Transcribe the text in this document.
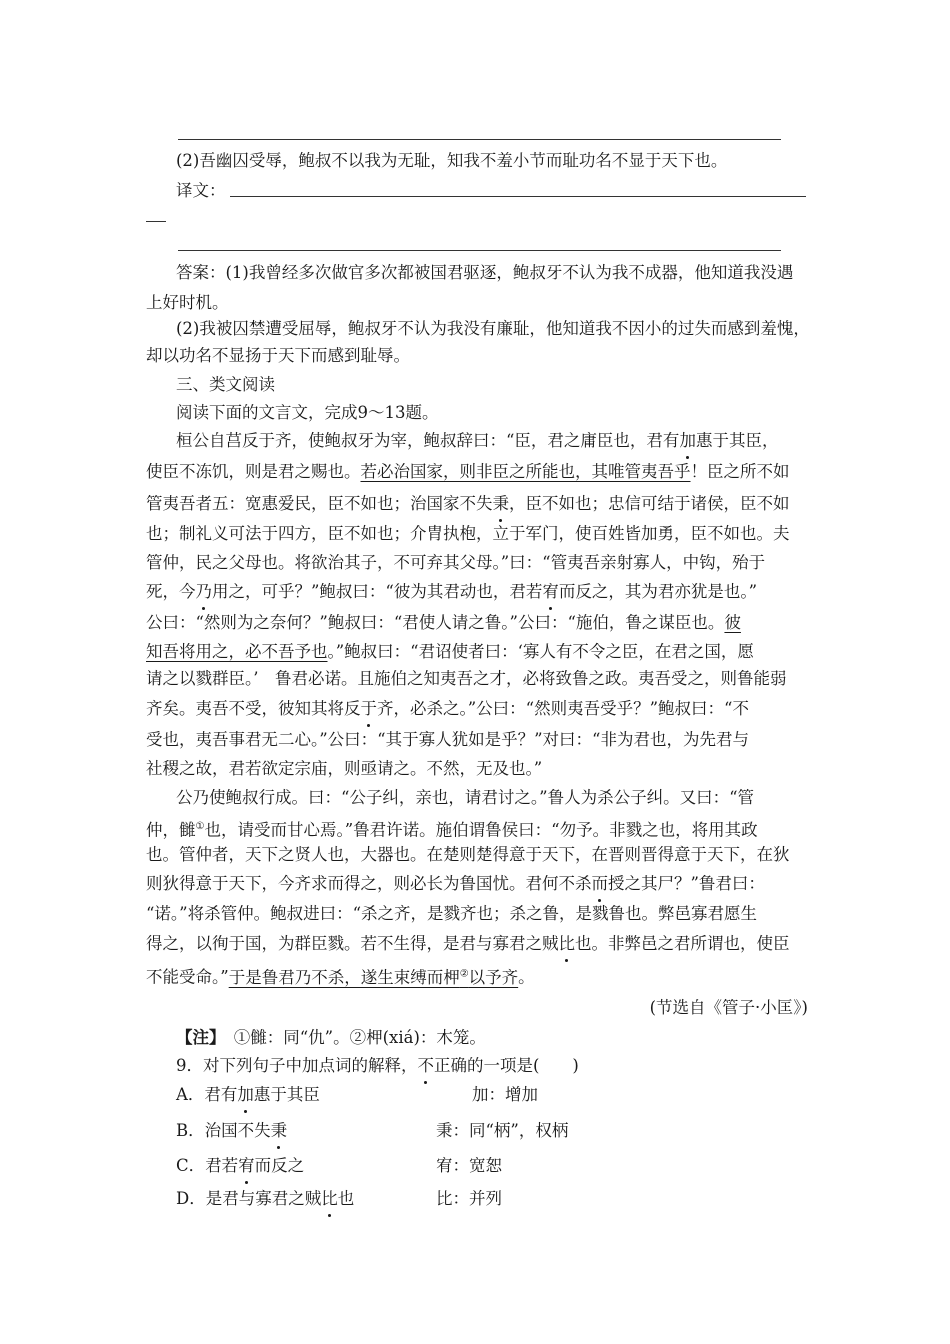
(2)吾幽囚受辱，鲍叔不以我为无耻，知我不羞小节而耻功名不显于天下也。
译文：
答案：(1)我曾经多次做官多次都被国君驱逐，鲍叔牙不认为我不成器，他知道我没遇
上好时机。
(2)我被囚禁遭受屈辱，鲍叔牙不认为我没有廉耻，他知道我不因小的过失而感到羞愧，
却以功名不显扬于天下而感到耻辱。
三、类文阅读
阅读下面的文言文，完成9～13题。
桓公自莒反于齐，使鲍叔牙为宰，鲍叔辞曰：“臣，君之庸臣也，君有加惠于其臣，
使臣不冻饥，则是君之赐也。若必治国家，则非臣之所能也，其唯管夷吾乎！臣之所不如
管夷吾者五：宽惠爱民，臣不如也；治国家不失秉，臣不如也；忠信可结于诸侯，臣不如
也；制礼义可法于四方，臣不如也；介胄执枹，立于军门，使百姓皆加勇，臣不如也。夫
管仲，民之父母也。将欲治其子，不可弃其父母。”曰：“管夷吾亲射寡人，中钩，殆于
死，今乃用之，可乎？”鲍叔曰：“彼为其君动也，君若宥而反之，其为君亦犹是也。”
公曰：“然则为之奈何？”鲍叔曰：“君使人请之鲁。”公曰：“施伯，鲁之谋臣也。彼
知吾将用之，必不吾予也。”鲍叔曰：“君诏使者曰：‘寡人有不令之臣，在君之国，愿
请之以戮群臣。’　鲁君必诺。且施伯之知夷吾之才，必将致鲁之政。夷吾受之，则鲁能弱
齐矣。夷吾不受，彼知其将反于齐，必杀之。”公曰：“然则夷吾受乎？”鲍叔曰：“不
受也，夷吾事君无二心。”公曰：“其于寡人犹如是乎？”对曰：“非为君也，为先君与
社稷之故，君若欲定宗庙，则亟请之。不然，无及也。”
公乃使鲍叔行成。曰：“公子纠，亲也，请君讨之。”鲁人为杀公子纠。又曰：“管
仲，雠①也，请受而甘心焉。”鲁君许诺。施伯谓鲁侯曰：“勿予。非戮之也，将用其政
也。管仲者，天下之贤人也，大器也。在楚则楚得意于天下，在晋则晋得意于天下，在狄
则狄得意于天下，今齐求而得之，则必长为鲁国忧。君何不杀而授之其尸？”鲁君曰：
“诺。”将杀管仲。鲍叔进曰：“杀之齐，是戮齐也；杀之鲁，是戮鲁也。弊邑寡君愿生
得之，以徇于国，为群臣戮。若不生得，是君与寡君之贼比也。非弊邑之君所谓也，使臣
不能受命。”于是鲁君乃不杀，遂生束缚而柙②以予齐。
(节选自《管子·小匡》)
【注】　①雠：同“仇”。②柙(xiá)：木笼。
9．对下列句子中加点词的解释，不正确的一项是(　　)
A．君有加惠于其臣	加：增加
B．治国不失秉	秉：同“柄”，权柄
C．君若宥而反之	宥：宽恕
D．是君与寡君之贼比也	比：并列
